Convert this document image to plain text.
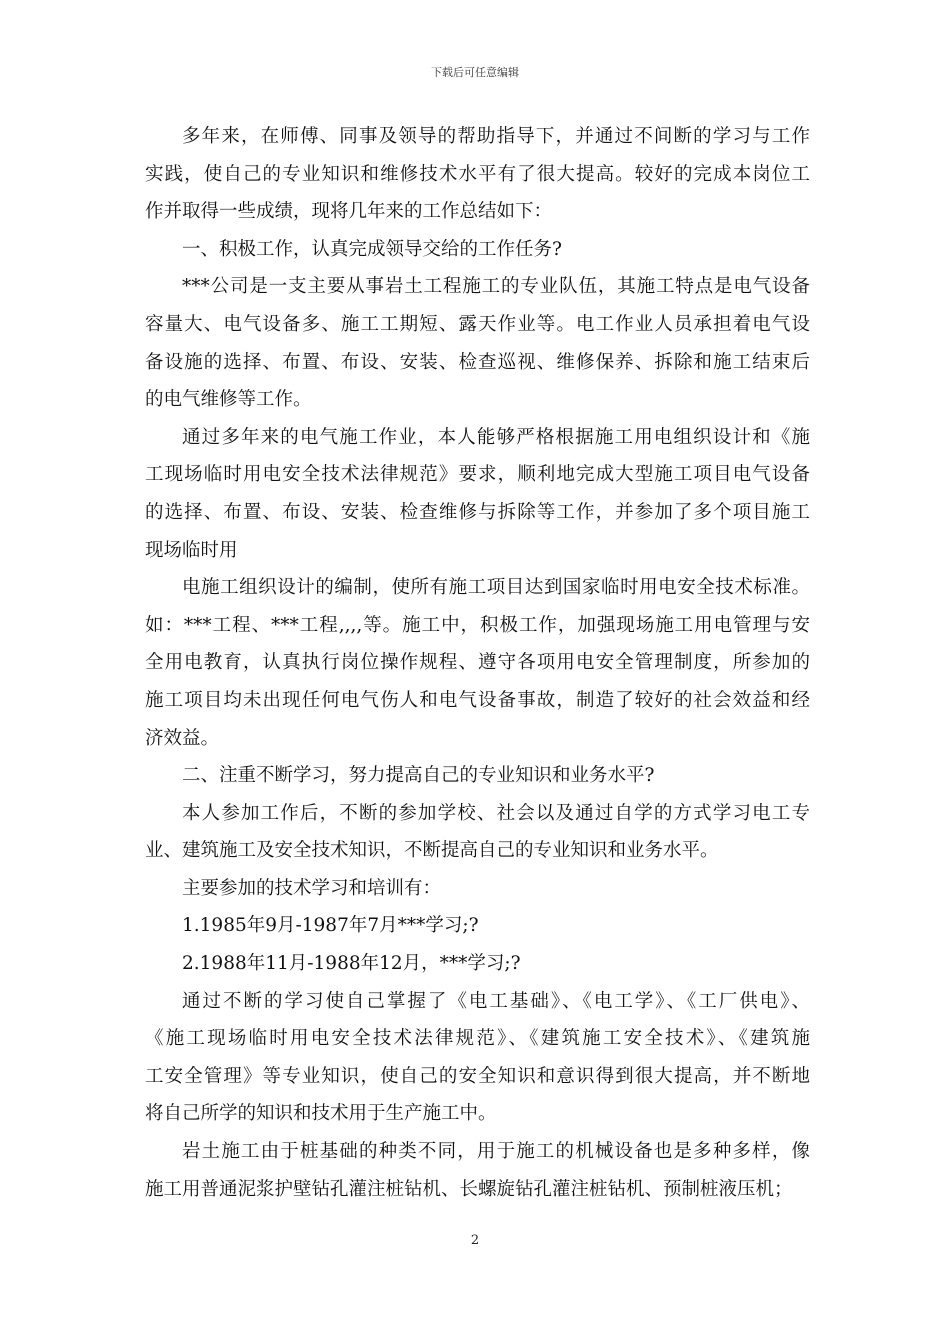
下载后可任意编辑
多年来，在师傅、同事及领导的帮助指导下，并通过不间断的学习与工作
实践，使自己的专业知识和维修技术水平有了很大提高。较好的完成本岗位工
作并取得一些成绩，现将几年来的工作总结如下：
一、积极工作，认真完成领导交给的工作任务?
***公司是一支主要从事岩土工程施工的专业队伍，其施工特点是电气设备
容量大、电气设备多、施工工期短、露天作业等。电工作业人员承担着电气设
备设施的选择、布置、布设、安装、检查巡视、维修保养、拆除和施工结束后
的电气维修等工作。
通过多年来的电气施工作业，本人能够严格根据施工用电组织设计和《施
工现场临时用电安全技术法律规范》要求，顺利地完成大型施工项目电气设备
的选择、布置、布设、安装、检查维修与拆除等工作，并参加了多个项目施工
现场临时用
电施工组织设计的编制，使所有施工项目达到国家临时用电安全技术标准。
如：***工程、***工程,,,,等。施工中，积极工作，加强现场施工用电管理与安
全用电教育，认真执行岗位操作规程、遵守各项用电安全管理制度，所参加的
施工项目均未出现任何电气伤人和电气设备事故，制造了较好的社会效益和经
济效益。
二、注重不断学习，努力提高自己的专业知识和业务水平?
本人参加工作后，不断的参加学校、社会以及通过自学的方式学习电工专
业、建筑施工及安全技术知识，不断提高自己的专业知识和业务水平。
主要参加的技术学习和培训有：
1.1985年9月-1987年7月***学习;?
2.1988年11月-1988年12月，***学习;?
通过不断的学习使自己掌握了《电工基础》、《电工学》、《工厂供电》、
《施工现场临时用电安全技术法律规范》、《建筑施工安全技术》、《建筑施
工安全管理》等专业知识，使自己的安全知识和意识得到很大提高，并不断地
将自己所学的知识和技术用于生产施工中。
岩土施工由于桩基础的种类不同，用于施工的机械设备也是多种多样，像
施工用普通泥浆护壁钻孔灌注桩钻机、长螺旋钻孔灌注桩钻机、预制桩液压机；
2
